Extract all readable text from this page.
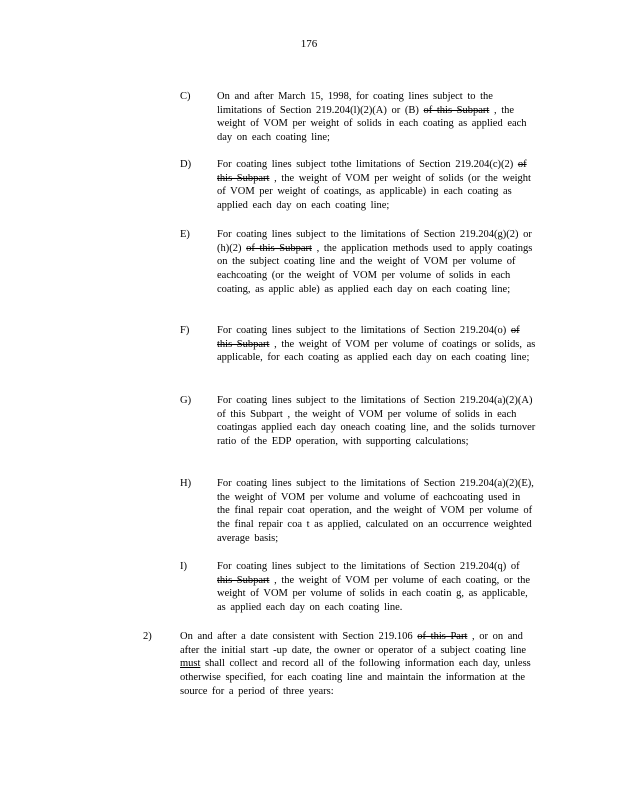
176
C)	On and after March 15, 1998, for coating lines subject to the limitations of Section 219.204(l)(2)(A) or (B) of this Subpart , the weight of VOM per weight of solids in each coating as applied each day on each coating line;
D) For coating lines subject tothe limitations of Section 219.204(c)(2) of this Subpart , the weight of VOM per weight of solids (or the weight of VOM per weight of coatings, as applicable) in each coating as applied each day on each coating line;
E)	For coating lines subject to the limitations of Section 219.204(g)(2) or (h)(2) of this Subpart , the application methods used to apply coatings on the subject coating line and the weight of VOM per volume of eachcoating (or the weight of VOM per volume of solids in each coating, as applic able) as applied each day on each coating line;
F)	For coating lines subject to the limitations of Section 219.204(o) of this Subpart , the weight of VOM per volume of coatings or solids, as applicable, for each coating as applied each day on each coating line;
G) For coating lines subject to the limitations of Section 219.204(a)(2)(A) of this Subpart , the weight of VOM per volume of solids in each coatingas applied each day oneach coating line, and the solids turnover ratio of the EDP operation, with supporting calculations;
H) For coating lines subject to the limitations of Section 219.204(a)(2)(E), the weight of VOM per volume and volume of eachcoating used in the final repair coat operation, and the weight of VOM per volume of the final repair coa t as applied, calculated on an occurrence weighted average basis;
I)	For coating lines subject to the limitations of Section 219.204(q) of this Subpart , the weight of VOM per volume of each coating, or the weight of VOM per volume of solids in each coatin g, as applicable, as applied each day on each coating line.
2)	On and after a date consistent with Section 219.106 of this Part , or on and after the initial start -up date, the owner or operator of a subject coating line must shall collect and record all of the following information each day, unless otherwise specified, for each coating line and maintain the information at the source for a period of three years:
